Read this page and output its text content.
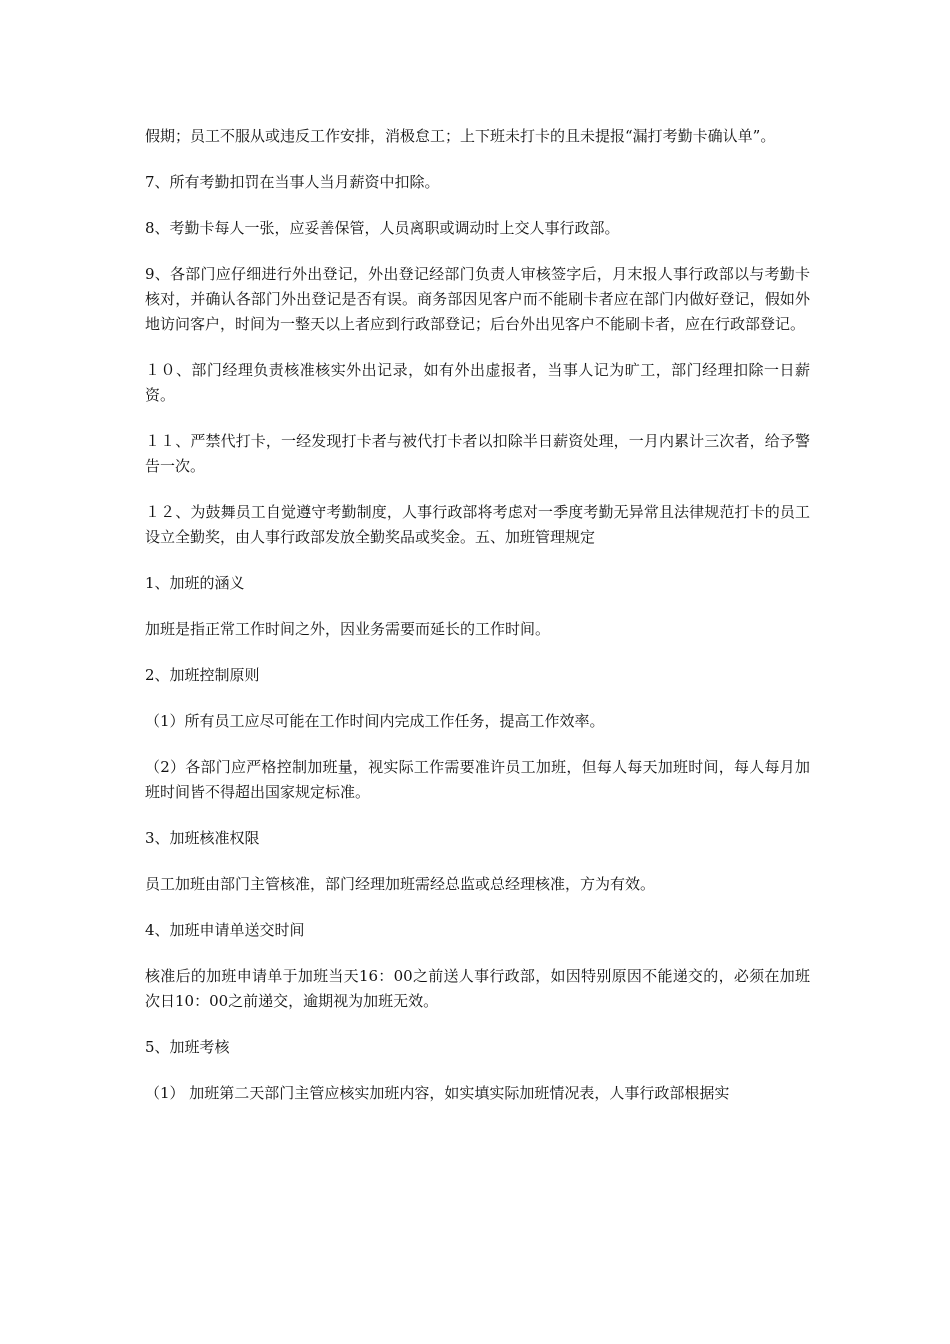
假期；员工不服从或违反工作安排，消极怠工；上下班未打卡的且未提报“漏打考勤卡确认单”。

7、所有考勤扣罚在当事人当月薪资中扣除。

8、考勤卡每人一张，应妥善保管，人员离职或调动时上交人事行政部。

9、各部门应仔细进行外出登记，外出登记经部门负责人审核签字后，月末报人事行政部以与考勤卡核对，并确认各部门外出登记是否有误。商务部因见客户而不能刷卡者应在部门内做好登记，假如外地访问客户，时间为一整天以上者应到行政部登记；后台外出见客户不能刷卡者，应在行政部登记。

１０、部门经理负责核准核实外出记录，如有外出虚报者，当事人记为旷工，部门经理扣除一日薪资。

１１、严禁代打卡，一经发现打卡者与被代打卡者以扣除半日薪资处理，一月内累计三次者，给予警告一次。

１２、为鼓舞员工自觉遵守考勤制度，人事行政部将考虑对一季度考勤无异常且法律规范打卡的员工设立全勤奖，由人事行政部发放全勤奖品或奖金。五、加班管理规定

1、加班的涵义

加班是指正常工作时间之外，因业务需要而延长的工作时间。

2、加班控制原则

（1）所有员工应尽可能在工作时间内完成工作任务，提高工作效率。

（2）各部门应严格控制加班量，视实际工作需要准许员工加班，但每人每天加班时间，每人每月加班时间皆不得超出国家规定标准。

3、加班核准权限

员工加班由部门主管核准，部门经理加班需经总监或总经理核准，方为有效。

4、加班申请单送交时间

核准后的加班申请单于加班当天16：00之前送人事行政部，如因特别原因不能递交的，必须在加班次日10：00之前递交，逾期视为加班无效。

5、加班考核

（1） 加班第二天部门主管应核实加班内容，如实填实际加班情况表，人事行政部根据实
